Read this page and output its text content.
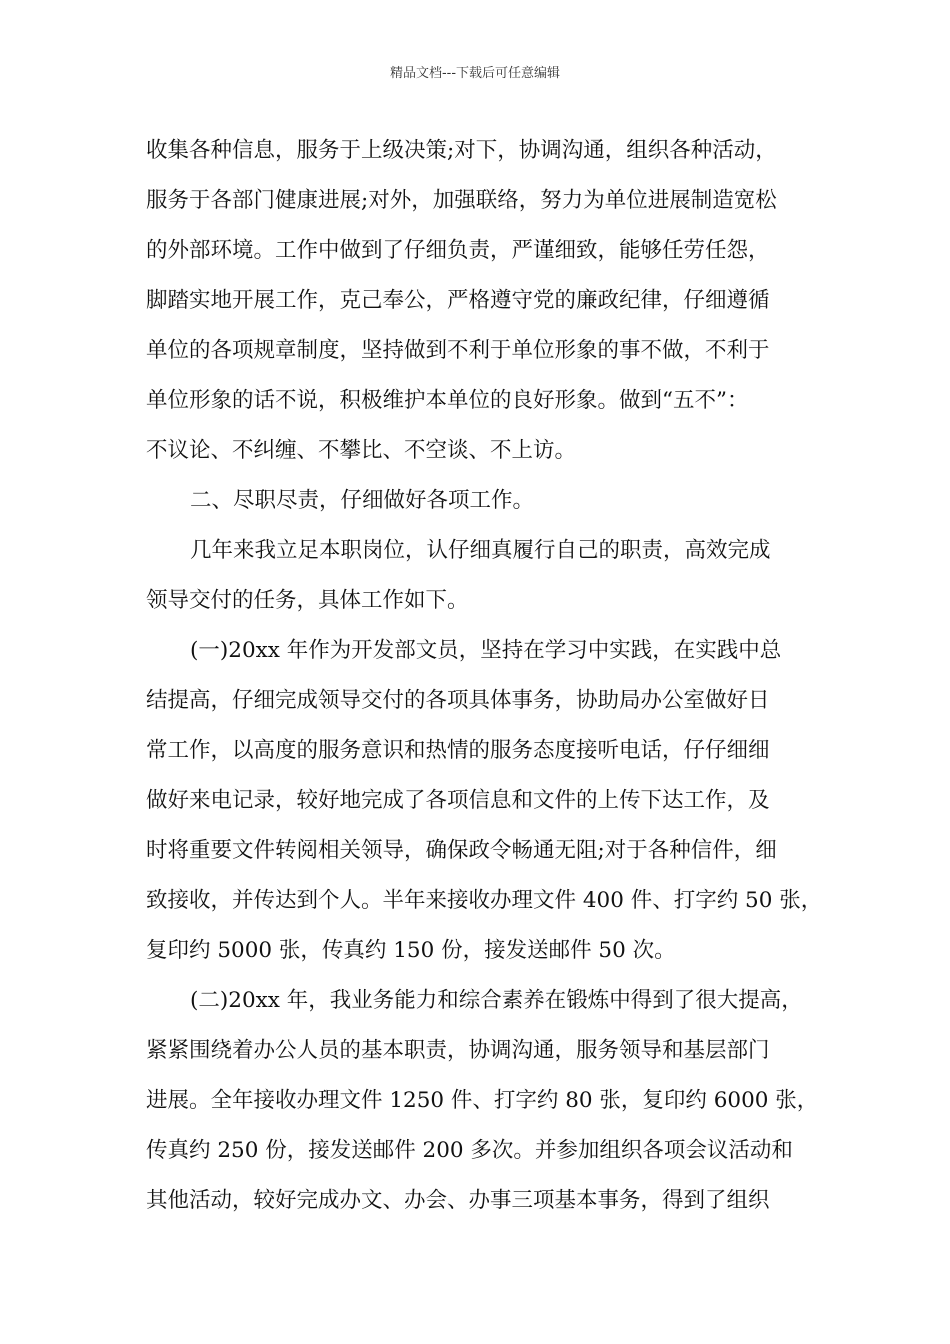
精品文档---下载后可任意编辑
收集各种信息，服务于上级决策;对下，协调沟通，组织各种活动，
服务于各部门健康进展;对外，加强联络，努力为单位进展制造宽松
的外部环境。工作中做到了仔细负责，严谨细致，能够任劳任怨，
脚踏实地开展工作，克己奉公，严格遵守党的廉政纪律，仔细遵循
单位的各项规章制度，坚持做到不利于单位形象的事不做，不利于
单位形象的话不说，积极维护本单位的良好形象。做到“五不”：
不议论、不纠缠、不攀比、不空谈、不上访。
二、尽职尽责，仔细做好各项工作。
几年来我立足本职岗位，认仔细真履行自己的职责，高效完成
领导交付的任务，具体工作如下。
(一)20xx 年作为开发部文员，坚持在学习中实践，在实践中总
结提高，仔细完成领导交付的各项具体事务，协助局办公室做好日
常工作，以高度的服务意识和热情的服务态度接听电话，仔仔细细
做好来电记录，较好地完成了各项信息和文件的上传下达工作，及
时将重要文件转阅相关领导，确保政令畅通无阻;对于各种信件，细
致接收，并传达到个人。半年来接收办理文件 400 件、打字约 50 张，
复印约 5000 张，传真约 150 份，接发送邮件 50 次。
(二)20xx 年，我业务能力和综合素养在锻炼中得到了很大提高，
紧紧围绕着办公人员的基本职责，协调沟通，服务领导和基层部门
进展。全年接收办理文件 1250 件、打字约 80 张，复印约 6000 张，
传真约 250 份，接发送邮件 200 多次。并参加组织各项会议活动和
其他活动，较好完成办文、办会、办事三项基本事务，得到了组织
